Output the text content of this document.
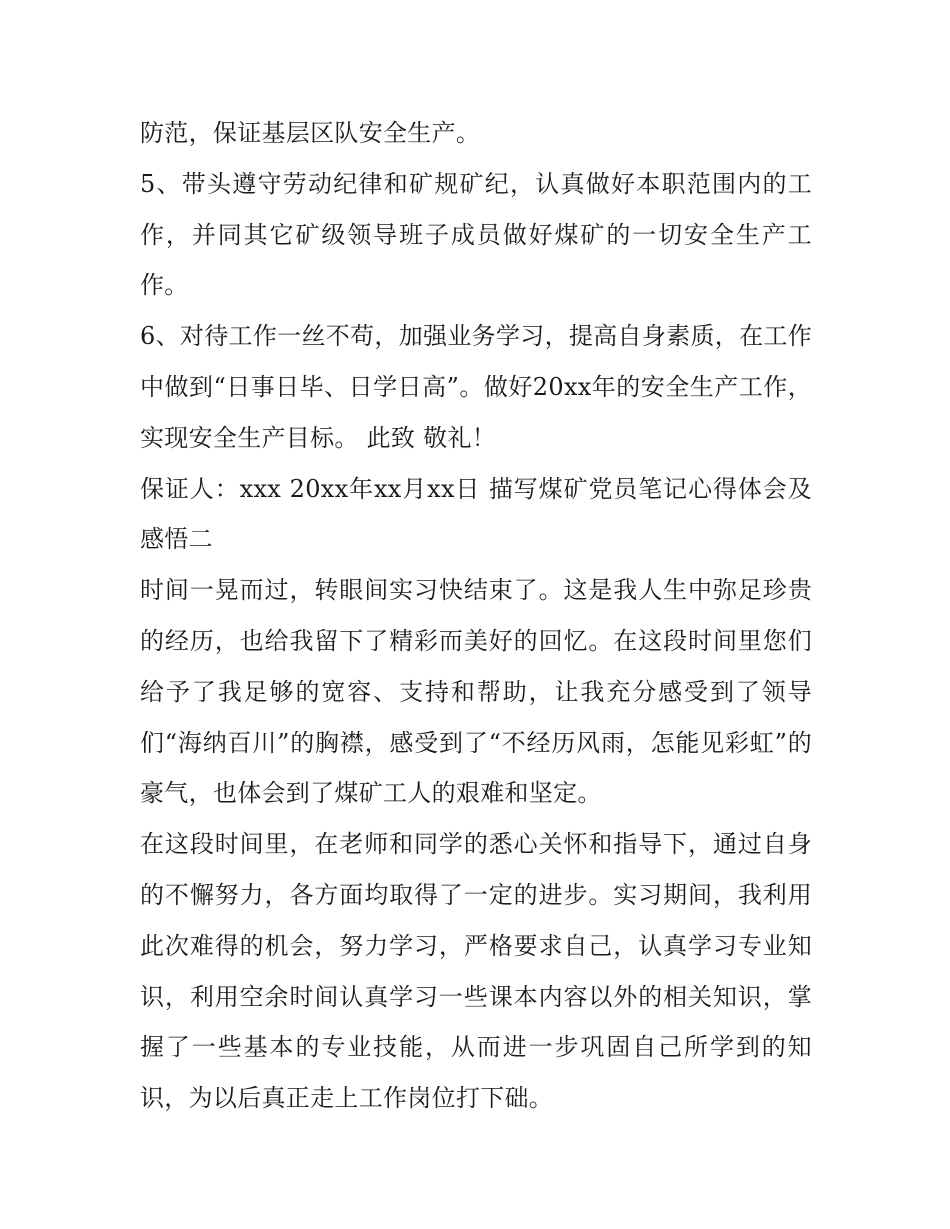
防范，保证基层区队安全生产。

5、带头遵守劳动纪律和矿规矿纪，认真做好本职范围内的工作，并同其它矿级领导班子成员做好煤矿的一切安全生产工作。

6、对待工作一丝不苟，加强业务学习，提高自身素质，在工作中做到“日事日毕、日学日高”。做好20xx年的安全生产工作，实现安全生产目标。 此致 敬礼！

保证人：xxx 20xx年xx月xx日 描写煤矿党员笔记心得体会及感悟二

时间一晃而过，转眼间实习快结束了。这是我人生中弥足珍贵的经历，也给我留下了精彩而美好的回忆。在这段时间里您们给予了我足够的宽容、支持和帮助，让我充分感受到了领导们“海纳百川”的胸襟，感受到了“不经历风雨，怎能见彩虹”的豪气，也体会到了煤矿工人的艰难和坚定。

在这段时间里，在老师和同学的悉心关怀和指导下，通过自身的不懈努力，各方面均取得了一定的进步。实习期间，我利用此次难得的机会，努力学习，严格要求自己，认真学习专业知识，利用空余时间认真学习一些课本内容以外的相关知识，掌握了一些基本的专业技能，从而进一步巩固自己所学到的知识，为以后真正走上工作岗位打下础。
